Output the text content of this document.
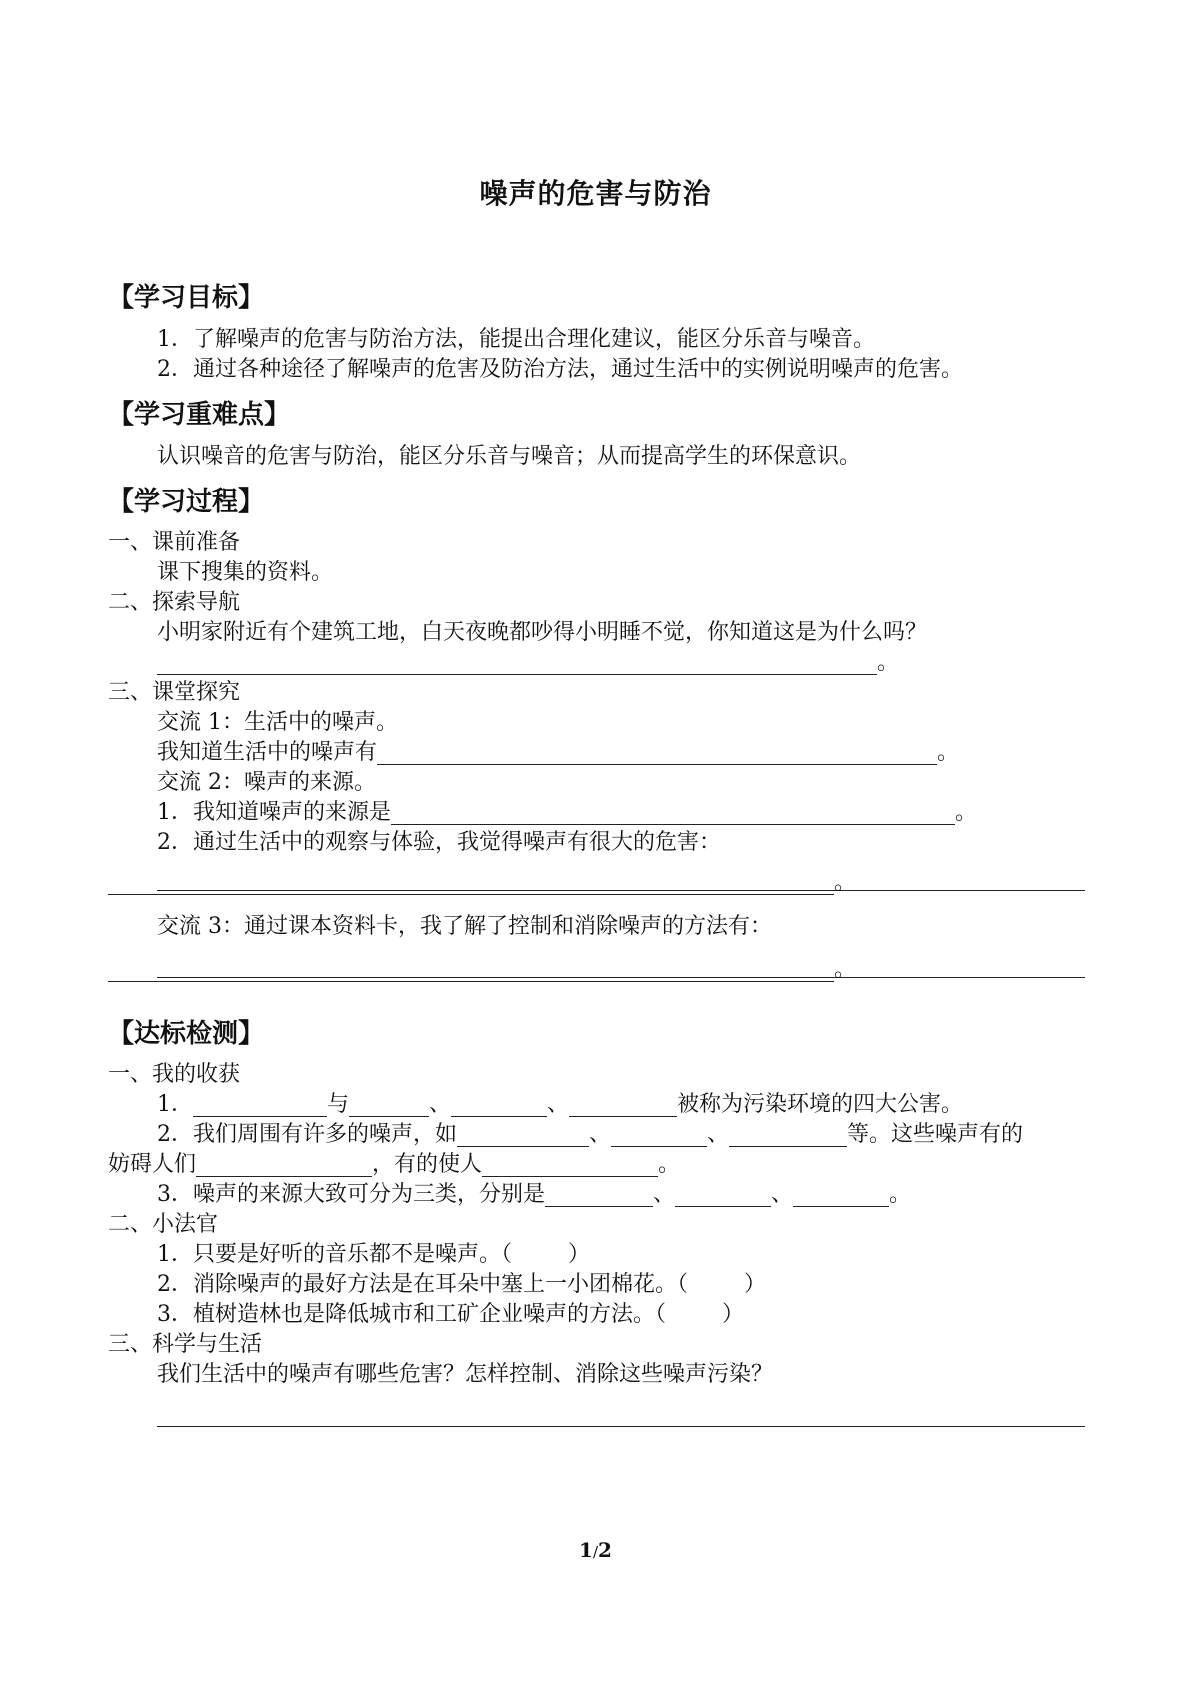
噪声的危害与防治
【学习目标】
1．了解噪声的危害与防治方法，能提出合理化建议，能区分乐音与噪音。
2．通过各种途径了解噪声的危害及防治方法，通过生活中的实例说明噪声的危害。
【学习重难点】
认识噪音的危害与防治，能区分乐音与噪音；从而提高学生的环保意识。
【学习过程】
一、课前准备
课下搜集的资料。
二、探索导航
小明家附近有个建筑工地，白天夜晚都吵得小明睡不觉，你知道这是为什么吗？
。
三、课堂探究
交流 1：生活中的噪声。
我知道生活中的噪声有	。
交流 2：噪声的来源。
1．我知道噪声的来源是	。
2．通过生活中的观察与体验，我觉得噪声有很大的危害：
。
交流 3：通过课本资料卡，我了解了控制和消除噪声的方法有：
。
【达标检测】
一、我的收获
1．	与	、	、	被称为污染环境的四大公害。
2．我们周围有许多的噪声，如	、	、	等。这些噪声有的
妨碍人们	，有的使人	。
3．噪声的来源大致可分为三类，分别是	、	、	。
二、小法官
1．只要是好听的音乐都不是噪声。（	）
2．消除噪声的最好方法是在耳朵中塞上一小团棉花。（	）
3．植树造林也是降低城市和工矿企业噪声的方法。（	）
三、科学与生活
我们生活中的噪声有哪些危害？怎样控制、消除这些噪声污染？
1/2
